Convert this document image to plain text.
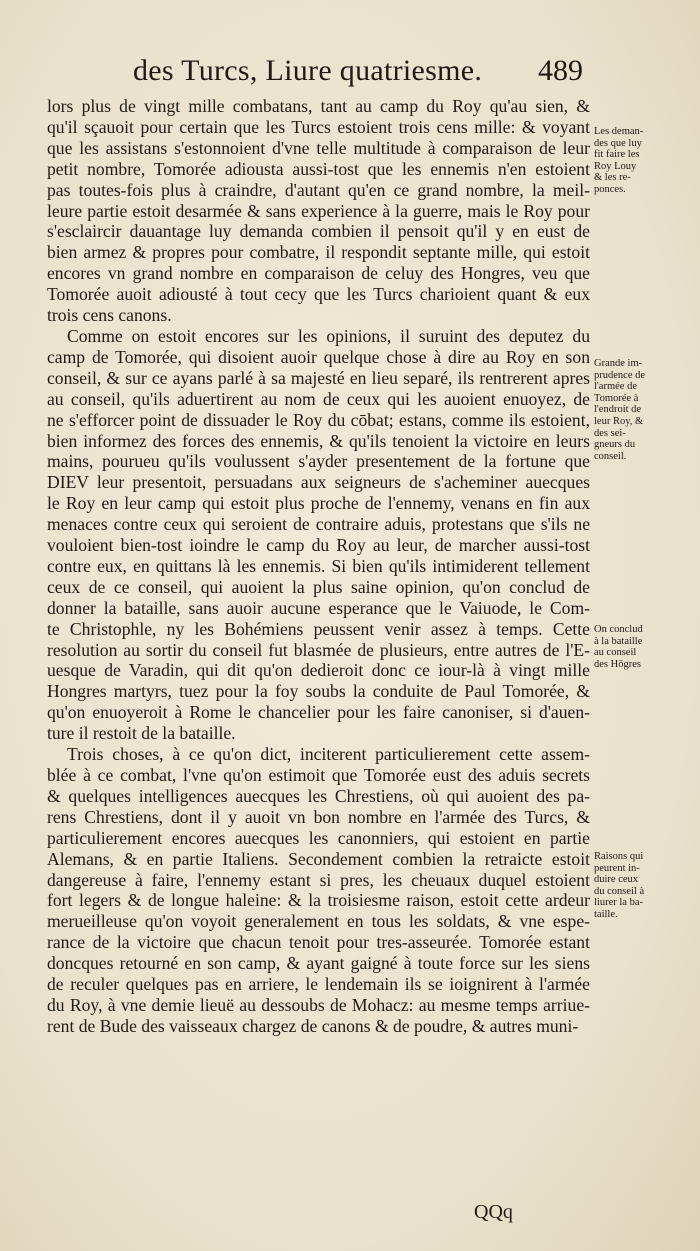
des Turcs, Liure quatriesme. 489
lors plus de vingt mille combatans, tant au camp du Roy qu'au sien, &
qu'il sçauoit pour certain que les Turcs estoient trois cens mille: & voyant
que les assistans s'estonnoient d'vne telle multitude à comparaison de leur
petit nombre, Tomorée adiousta aussi-tost que les ennemis n'en estoient
pas toutes-fois plus à craindre, d'autant qu'en ce grand nombre, la meil-
leure partie estoit desarmée & sans experience à la guerre, mais le Roy pour
s'esclaircir dauantage luy demanda combien il pensoit qu'il y en eust de
bien armez & propres pour combatre, il respondit septante mille, qui estoit
encores vn grand nombre en comparaison de celuy des Hongres, veu que
Tomorée auoit adiousté à tout cecy que les Turcs charioient quant & eux
trois cens canons.
Comme on estoit encores sur les opinions, il suruint des deputez du
camp de Tomorée, qui disoient auoir quelque chose à dire au Roy en son
conseil, & sur ce ayans parlé à sa majesté en lieu separé, ils rentrerent apres
au conseil, qu'ils aduertirent au nom de ceux qui les auoient enuoyez, de
ne s'efforcer point de dissuader le Roy du cōbat; estans, comme ils estoient,
bien informez des forces des ennemis, & qu'ils tenoient la victoire en leurs
mains, pourueu qu'ils voulussent s'ayder presentement de la fortune que
DIEV leur presentoit, persuadans aux seigneurs de s'acheminer auecques
le Roy en leur camp qui estoit plus proche de l'ennemy, venans en fin aux
menaces contre ceux qui seroient de contraire aduis, protestans que s'ils ne
vouloient bien-tost ioindre le camp du Roy au leur, de marcher aussi-tost
contre eux, en quittans là les ennemis. Si bien qu'ils intimiderent tellement
ceux de ce conseil, qui auoient la plus saine opinion, qu'on conclud de
donner la bataille, sans auoir aucune esperance que le Vaiuode, le Com-
te Christophle, ny les Bohémiens peussent venir assez à temps. Cette
resolution au sortir du conseil fut blasmée de plusieurs, entre autres de l'E-
uesque de Varadin, qui dit qu'on dedieroit donc ce iour-là à vingt mille
Hongres martyrs, tuez pour la foy soubs la conduite de Paul Tomorée, &
qu'on enuoyeroit à Rome le chancelier pour les faire canoniser, si d'auen-
ture il restoit de la bataille.
Trois choses, à ce qu'on dict, inciterent particulierement cette assem-
blée à ce combat, l'vne qu'on estimoit que Tomorée eust des aduis secrets
& quelques intelligences auecques les Chrestiens, où qui auoient des pa-
rens Chrestiens, dont il y auoit vn bon nombre en l'armée des Turcs, &
particulierement encores auecques les canonniers, qui estoient en partie
Alemans, & en partie Italiens. Secondement combien la retraicte estoit
dangereuse à faire, l'ennemy estant si pres, les cheuaux duquel estoient
fort legers & de longue haleine: & la troisiesme raison, estoit cette ardeur
merueilleuse qu'on voyoit generalement en tous les soldats, & vne espe-
rance de la victoire que chacun tenoit pour tres-asseurée. Tomorée estant
doncques retourné en son camp, & ayant gaigné à toute force sur les siens
de reculer quelques pas en arriere, le lendemain ils se ioignirent à l'armée
du Roy, à vne demie lieuë au dessoubs de Mohacz: au mesme temps arriue-
rent de Bude des vaisseaux chargez de canons & de poudre, & autres muni-
Les deman-
des que luy
fit faire les
Roy Louy
& les re-
ponces.
Grande im-
prudence de
l'armée de
Tomorée à
l'endroit de
leur Roy, &
des sei-
gneurs du
conseil.
On conclud
à la bataille
au conseil
des Hōgres
Raisons qui
peurent in-
duire ceux
du conseil à
liurer la ba-
taille.
QQq
